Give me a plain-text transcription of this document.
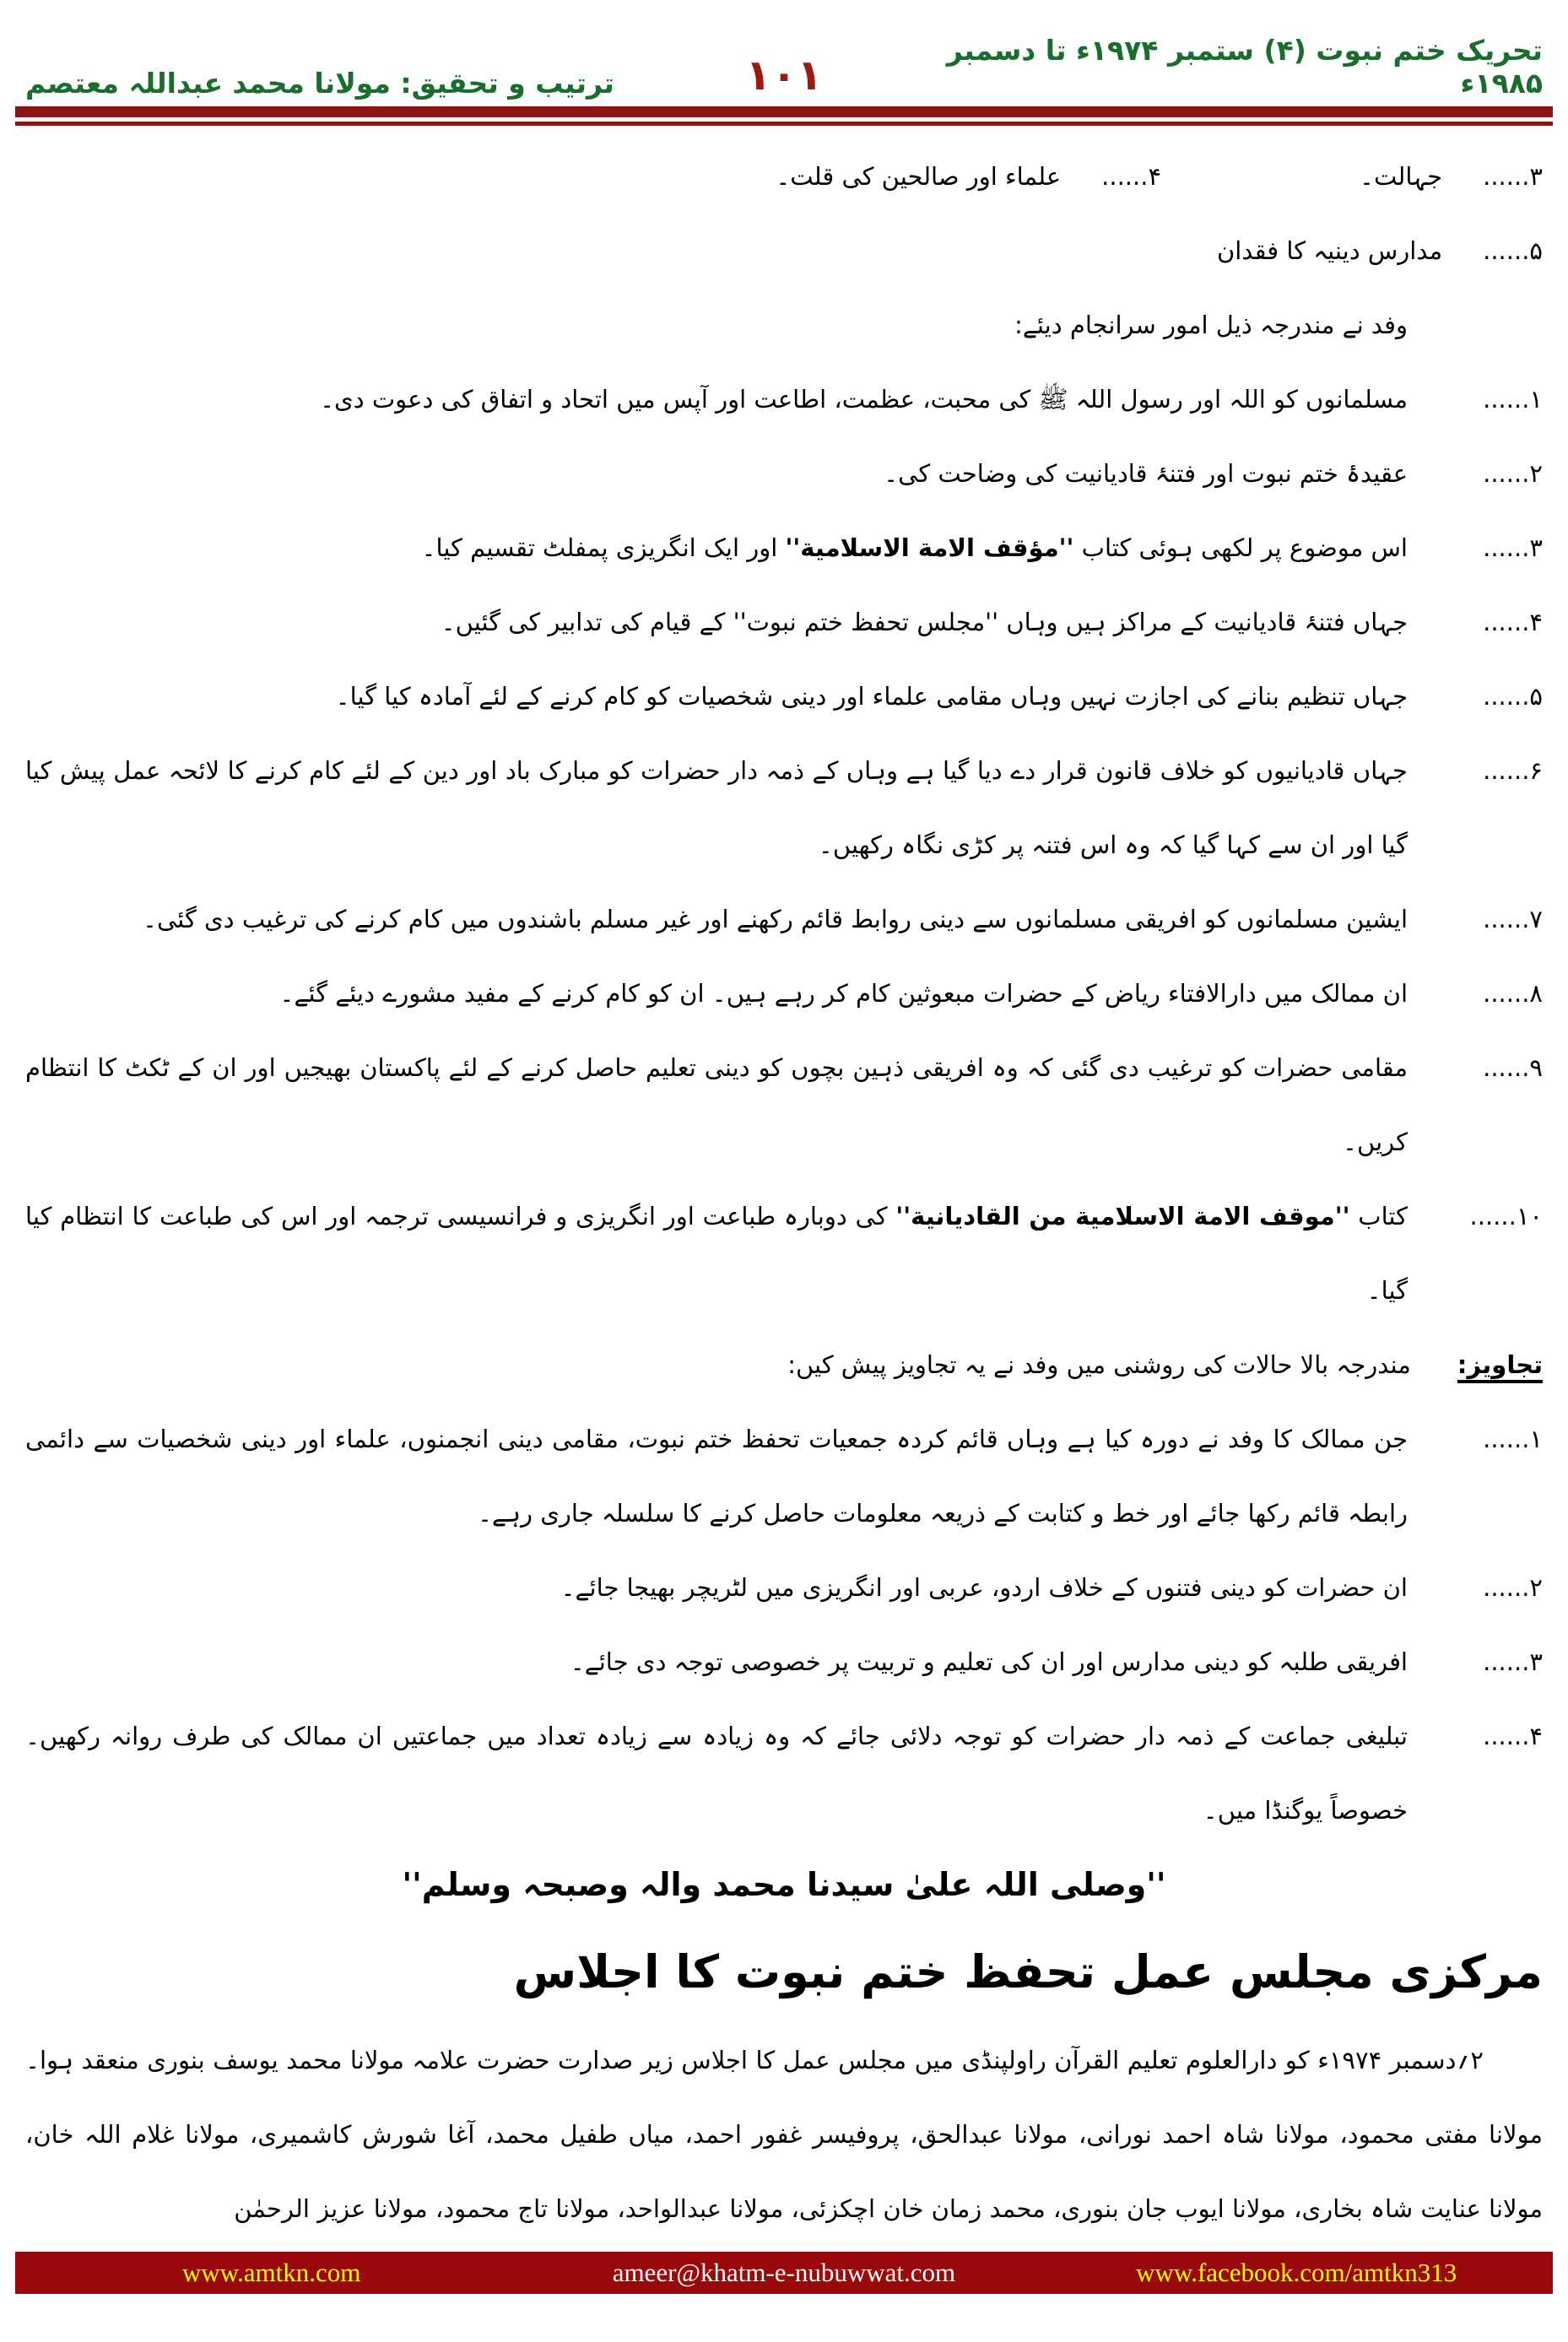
تحریک ختم نبوت (۴) ستمبر ۱۹۷۴ء تا دسمبر ۱۹۸۵ء
۱۰۱
ترتیب و تحقیق: مولانا محمد عبداللہ معتصم
۳......
جہالت۔
۴......
علماء اور صالحین کی قلت۔
۵......
مدارس دینیہ کا فقدان
وفد نے مندرجہ ذیل امور سرانجام دیئے:
۱......
مسلمانوں کو اللہ اور رسول اللہ ﷺ کی محبت، عظمت، اطاعت اور آپس میں اتحاد و اتفاق کی دعوت دی۔
۲......
عقیدۂ ختم نبوت اور فتنۂ قادیانیت کی وضاحت کی۔
۳......
اس موضوع پر لکھی ہوئی کتاب ''مؤقف الامة الاسلامية'' اور ایک انگریزی پمفلٹ تقسیم کیا۔
۴......
جہاں فتنۂ قادیانیت کے مراکز ہیں وہاں ''مجلس تحفظ ختم نبوت'' کے قیام کی تدابیر کی گئیں۔
۵......
جہاں تنظیم بنانے کی اجازت نہیں وہاں مقامی علماء اور دینی شخصیات کو کام کرنے کے لئے آمادہ کیا گیا۔
۶......
جہاں قادیانیوں کو خلاف قانون قرار دے دیا گیا ہے وہاں کے ذمہ دار حضرات کو مبارک باد اور دین کے لئے کام کرنے کا لائحہ عمل پیش کیا گیا اور ان سے کہا گیا کہ وہ اس فتنہ پر کڑی نگاہ رکھیں۔
۷......
ایشین مسلمانوں کو افریقی مسلمانوں سے دینی روابط قائم رکھنے اور غیر مسلم باشندوں میں کام کرنے کی ترغیب دی گئی۔
۸......
ان ممالک میں دارالافتاء ریاض کے حضرات مبعوثین کام کر رہے ہیں۔ ان کو کام کرنے کے مفید مشورے دیئے گئے۔
۹......
مقامی حضرات کو ترغیب دی گئی کہ وہ افریقی ذہین بچوں کو دینی تعلیم حاصل کرنے کے لئے پاکستان بھیجیں اور ان کے ٹکٹ کا انتظام کریں۔
۱۰......
کتاب ''موقف الامة الاسلامية من القاديانية'' کی دوبارہ طباعت اور انگریزی و فرانسیسی ترجمہ اور اس کی طباعت کا انتظام کیا گیا۔
تجاویز:
مندرجہ بالا حالات کی روشنی میں وفد نے یہ تجاویز پیش کیں:
۱......
جن ممالک کا وفد نے دورہ کیا ہے وہاں قائم کردہ جمعیات تحفظ ختم نبوت، مقامی دینی انجمنوں، علماء اور دینی شخصیات سے دائمی رابطہ قائم رکھا جائے اور خط و کتابت کے ذریعہ معلومات حاصل کرنے کا سلسلہ جاری رہے۔
۲......
ان حضرات کو دینی فتنوں کے خلاف اردو، عربی اور انگریزی میں لٹریچر بھیجا جائے۔
۳......
افریقی طلبہ کو دینی مدارس اور ان کی تعلیم و تربیت پر خصوصی توجہ دی جائے۔
۴......
تبلیغی جماعت کے ذمہ دار حضرات کو توجہ دلائی جائے کہ وہ زیادہ سے زیادہ تعداد میں جماعتیں ان ممالک کی طرف روانہ رکھیں۔ خصوصاً یوگنڈا میں۔

''وصلی اللہ علیٰ سیدنا محمد والہ وصبحہ وسلم''

مرکزی مجلس عمل تحفظ ختم نبوت کا اجلاس

۲؍دسمبر ۱۹۷۴ء کو دارالعلوم تعلیم القرآن راولپنڈی میں مجلس عمل کا اجلاس زیر صدارت حضرت علامہ مولانا محمد یوسف بنوری منعقد ہوا۔ مولانا مفتی محمود، مولانا شاہ احمد نورانی، مولانا عبدالحق، پروفیسر غفور احمد، میاں طفیل محمد، آغا شورش کاشمیری، مولانا غلام اللہ خان، مولانا عنایت شاہ بخاری، مولانا ایوب جان بنوری، محمد زمان خان اچکزئی، مولانا عبدالواحد، مولانا تاج محمود، مولانا عزیز الرحمٰن

www.amtkn.com	ameer@khatm-e-nubuwwat.com	www.facebook.com/amtkn313
